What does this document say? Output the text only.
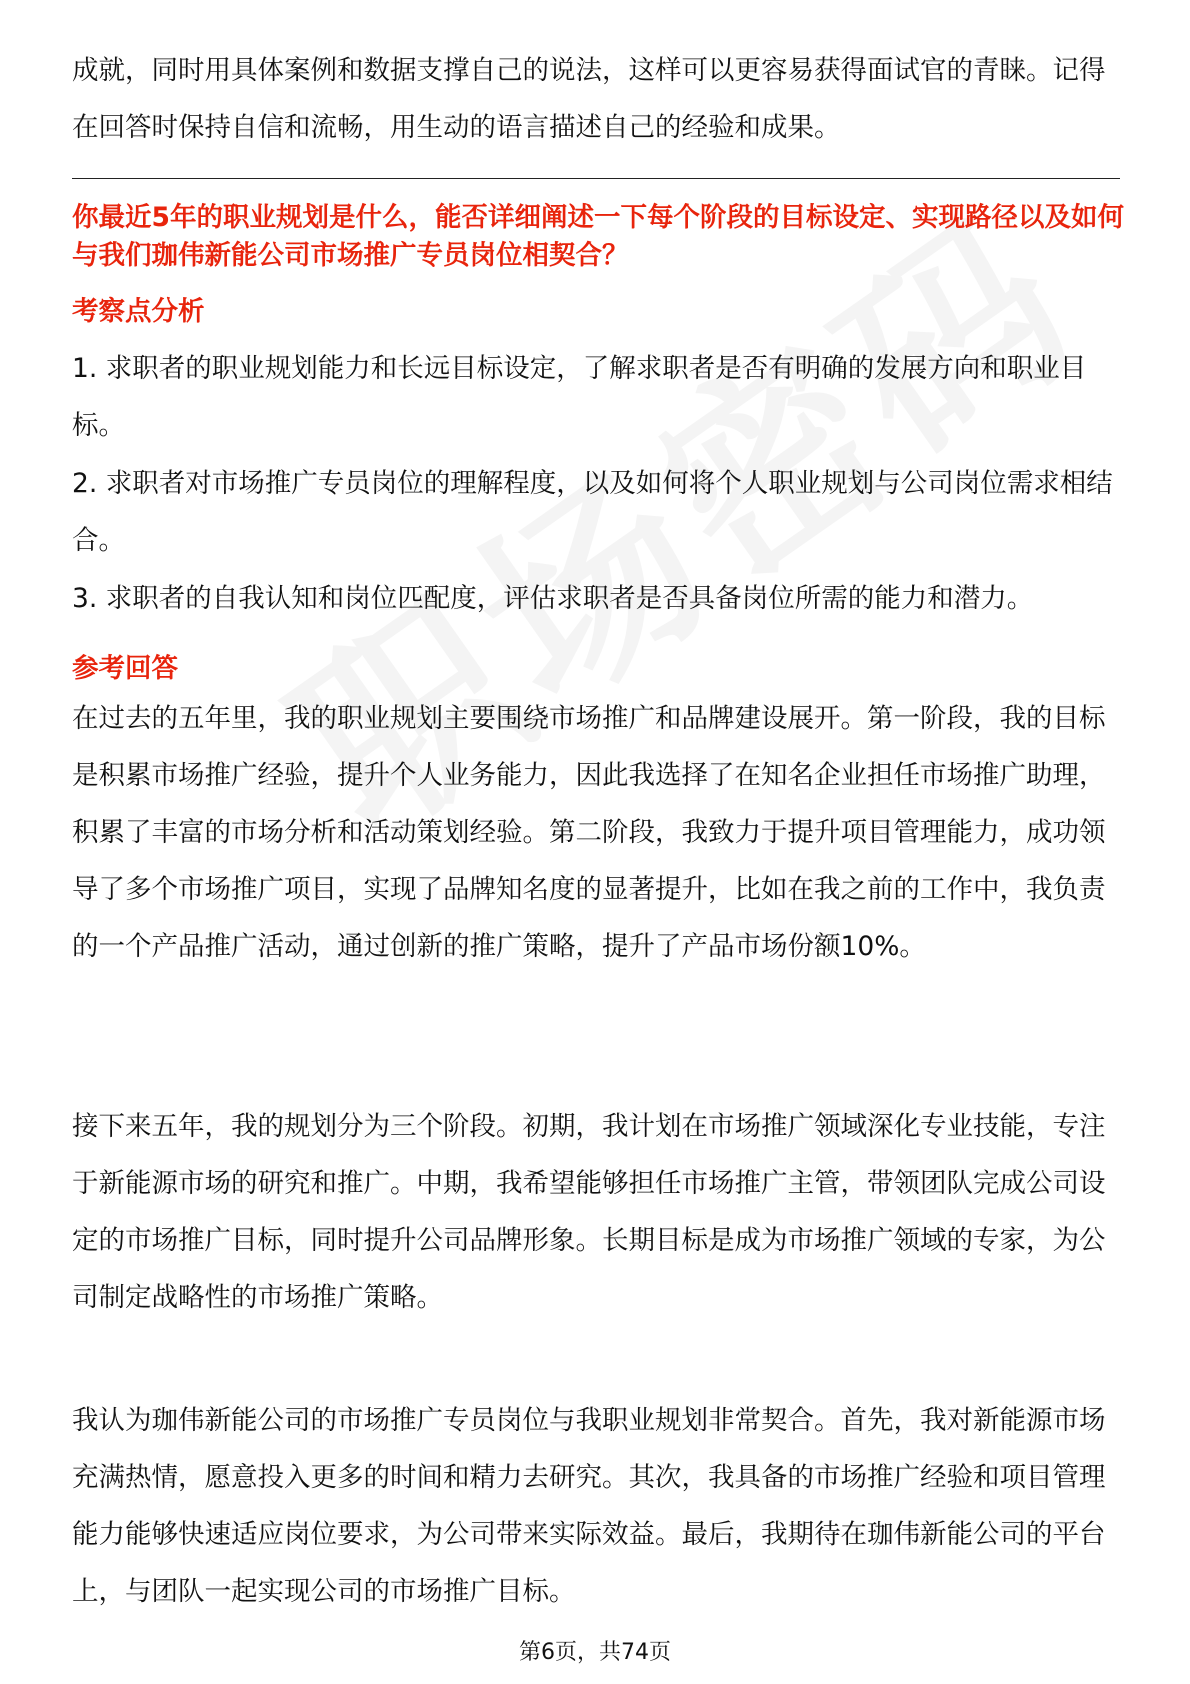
成就，同时用具体案例和数据支撑自己的说法，这样可以更容易获得面试官的青睐。记得在回答时保持自信和流畅，用生动的语言描述自己的经验和成果。

你最近5年的职业规划是什么，能否详细阐述一下每个阶段的目标设定、实现路径以及如何与我们珈伟新能公司市场推广专员岗位相契合？

考察点分析

1. 求职者的职业规划能力和长远目标设定，了解求职者是否有明确的发展方向和职业目标。

2. 求职者对市场推广专员岗位的理解程度，以及如何将个人职业规划与公司岗位需求相结合。

3. 求职者的自我认知和岗位匹配度，评估求职者是否具备岗位所需的能力和潜力。

参考回答

在过去的五年里，我的职业规划主要围绕市场推广和品牌建设展开。第一阶段，我的目标是积累市场推广经验，提升个人业务能力，因此我选择了在知名企业担任市场推广助理，积累了丰富的市场分析和活动策划经验。第二阶段，我致力于提升项目管理能力，成功领导了多个市场推广项目，实现了品牌知名度的显著提升，比如在我之前的工作中，我负责的一个产品推广活动，通过创新的推广策略，提升了产品市场份额10%。

接下来五年，我的规划分为三个阶段。初期，我计划在市场推广领域深化专业技能，专注于新能源市场的研究和推广。中期，我希望能够担任市场推广主管，带领团队完成公司设定的市场推广目标，同时提升公司品牌形象。长期目标是成为市场推广领域的专家，为公司制定战略性的市场推广策略。

我认为珈伟新能公司的市场推广专员岗位与我职业规划非常契合。首先，我对新能源市场充满热情，愿意投入更多的时间和精力去研究。其次，我具备的市场推广经验和项目管理能力能够快速适应岗位要求，为公司带来实际效益。最后，我期待在珈伟新能公司的平台上，与团队一起实现公司的市场推广目标。

第6页，共74页
